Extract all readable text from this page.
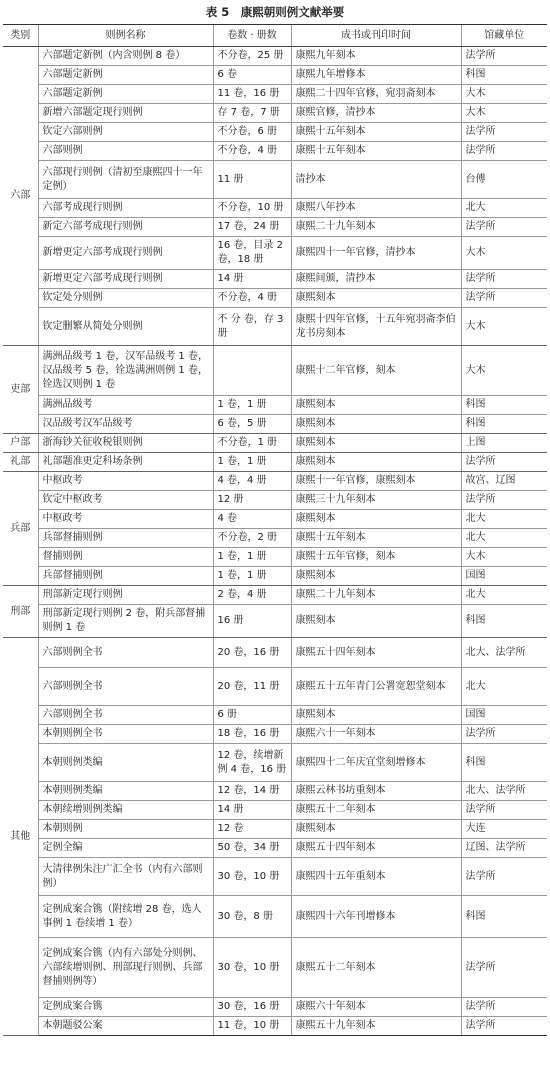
表 5　康熙朝则例文献举要
类别	则例名称	卷数 · 册数	成书或刊印时间	馆藏单位
六部	六部题定新例（内含则例 8 卷）	不分卷，25 册	康熙九年刻本	法学所
	六部题定新例	6 卷	康熙九年增修本	科图
	六部题定新例	11 卷，16 册	康熙二十四年官修，宛羽斋刻本	大木
	新增六部题定现行则例	存 7 卷，7 册	康熙官修，清抄本	大木
	钦定六部则例	不分卷，6 册	康熙十五年刻本	法学所
	六部则例	不分卷，4 册	康熙十五年刻本	法学所
	六部现行则例（清初至康熙四十一年定例）	11 册	清抄本	台傅
	六部考成现行则例	不分卷，10 册	康熙八年抄本	北大
	新定六部考成现行则例	17 卷，24 册	康熙二十九年刻本	法学所
	新增更定六部考成现行则例	16 卷，目录 2 卷，18 册	康熙四十一年官修，清抄本	大木
	新增更定六部考成现行则例	14 册	康熙间颁，清抄本	法学所
	钦定处分则例	不分卷，4 册	康熙刻本	法学所
	钦定删繁从简处分则例	不 分 卷，存 3 册	康熙十四年官修，十五年宛羽斋李伯龙书房刻本	大木
吏部	满洲品级考 1 卷，汉军品级考 1 卷，汉品级考 5 卷，铨选满洲则例 1 卷，铨选汉则例 1 卷		康熙十二年官修，刻本	大木
	满洲品级考	1 卷，1 册	康熙刻本	科图
	汉品级考汉军品级考	6 卷，5 册	康熙刻本	科图
户部	浙海钞关征收税银则例	不分卷，1 册	康熙刻本	上图
礼部	礼部题准更定科场条例	1 卷，1 册	康熙刻本	法学所
兵部	中枢政考	4 卷，4 册	康熙十一年官修，康熙刻本	故宫、辽图
	钦定中枢政考	12 册	康熙三十九年刻本	法学所
	中枢政考	4 卷	康熙刻本	北大
	兵部督捕则例	不分卷，2 册	康熙十五年刻本	北大
	督捕则例	1 卷，1 册	康熙十五年官修，刻本	大木
	兵部督捕则例	1 卷，1 册	康熙刻本	国图
刑部	刑部新定现行则例	2 卷，4 册	康熙二十九年刻本	北大
	刑部新定现行则例 2 卷，附兵部督捕则例 1 卷	16 册	康熙刻本	科图
其他	六部则例全书	20 卷，16 册	康熙五十四年刻本	北大、法学所
	六部则例全书	20 卷，11 册	康熙五十五年青门公署宽恕堂刻本	北大
	六部则例全书	6 册	康熙刻本	国图
	本朝则例全书	18 卷，16 册	康熙六十一年刻本	法学所
	本朝则例类编	12 卷，续增新例 4 卷，16 册	康熙四十二年庆宜堂刻增修本	科图
	本朝则例类编	12 卷，14 册	康熙云林书坊重刻本	北大、法学所
	本朝续增则例类编	14 册	康熙五十二年刻本	法学所
	本朝则例	12 卷	康熙刻本	大连
	定例全编	50 卷，34 册	康熙五十四年刻本	辽图、法学所
	大清律例朱注广汇全书（内有六部则例）	30 卷，10 册	康熙四十五年重刻本	法学所
	定例成案合镌（附续增 28 卷，选人事例 1 卷续增 1 卷）	30 卷，8 册	康熙四十六年刊增修本	科图
	定例成案合镌（内有六部处分则例、六部续增则例、刑部现行则例、兵部督捕则例等）	30 卷，10 册	康熙五十二年刻本	法学所
	定例成案合镌	30 卷，16 册	康熙六十年刻本	法学所
	本朝题驳公案	11 卷，10 册	康熙五十九年刻本	法学所
